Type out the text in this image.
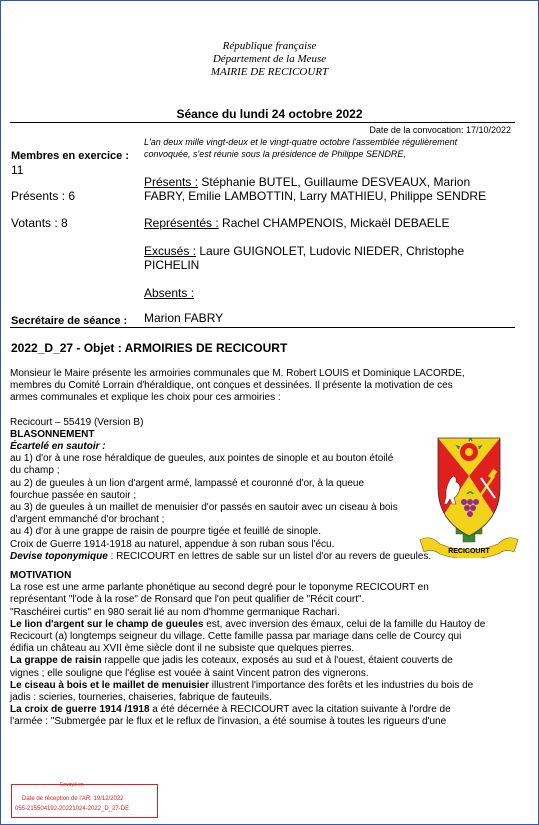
République française
Département de la Meuse
MAIRIE DE RECICOURT
Séance du lundi 24 octobre 2022
Date de la convocation: 17/10/2022
L'an deux mille vingt-deux et le vingt-quatre octobre l'assemblée régulièrement
convoquée, s'est réunie sous la présidence de Philippe SENDRE,
Membres en exercice :
11
Présents : 6
Votants : 8
Secrétaire de séance :
Présents : Stéphanie BUTEL, Guillaume DESVEAUX, Marion
FABRY, Emilie LAMBOTTIN, Larry MATHIEU, Philippe SENDRE
Représentés : Rachel CHAMPENOIS, Mickaël DEBAELE
Excusés : Laure GUIGNOLET, Ludovic NIEDER, Christophe
PICHELIN
Absents :
Marion FABRY
2022_D_27 - Objet : ARMOIRIES DE RECICOURT

Monsieur le Maire présente les armoiries communales que M. Robert LOUIS et Dominique LACORDE,

membres du Comité Lorrain d'héraldique, ont conçues et dessinées. Il présente la motivation de ces

armes communales et explique les choix pour ces armoiries :

Recicourt – 55419 (Version B)

BLASONNEMENT

Écartelé en sautoir :

au 1) d'or à une rose héraldique de gueules, aux pointes de sinople et au bouton étoilé

du champ ;

au 2) de gueules à un lion d'argent armé, lampassé et couronné d'or, à la queue

fourchue passée en sautoir ;

au 3) de gueules à un maillet de menuisier d'or passés en sautoir avec un ciseau à bois

d'argent emmanché d'or brochant ;

au 4) d'or à une grappe de raisin de pourpre tigée et feuillé de sinople.

Croix de Guerre 1914-1918 au naturel, appendue à son ruban sous l'écu.

Devise toponymique : RECICOURT en lettres de sable sur un listel d'or au revers de gueules.

MOTIVATION

La rose est une arme parlante phonétique au second degré pour le toponyme RECICOURT en

représentant "l'ode à la rose" de Ronsard que l'on peut qualifier de "Récit court".

"Raschéirei curtis" en 980 serait lié au nom d'homme germanique Rachari.

Le lion d'argent sur le champ de gueules est, avec inversion des émaux, celui de la famille du Hautoy de

Recicourt (a) longtemps seigneur du village. Cette famille passa par mariage dans celle de Courcy qui

édifia un château au XVII ème siècle dont il ne subsiste que quelques pierres.

La grappe de raisin rappelle que jadis les coteaux, exposés au sud et à l'ouest, étaient couverts de

vignes ; elle souligne que l'église est vouée à saint Vincent patron des vignerons.

Le ciseau à bois et le maillet de menuisier illustrent l'importance des forêts et les industries du bois de

jadis : scieries, tourneries, chaiseries, fabrique de fauteuils.

La croix de guerre 1914 /1918 a été décernée à RECICOURT avec la citation suivante à l'ordre de

l'armée : "Submergée par le flux et le reflux de l'invasion, a été soumise à toutes les rigueurs d'une

RECICOURT
Envoyé en
Date de réception de l'AR: 19/12/2022
055-215504192-20221024-2022_D_27-DE
